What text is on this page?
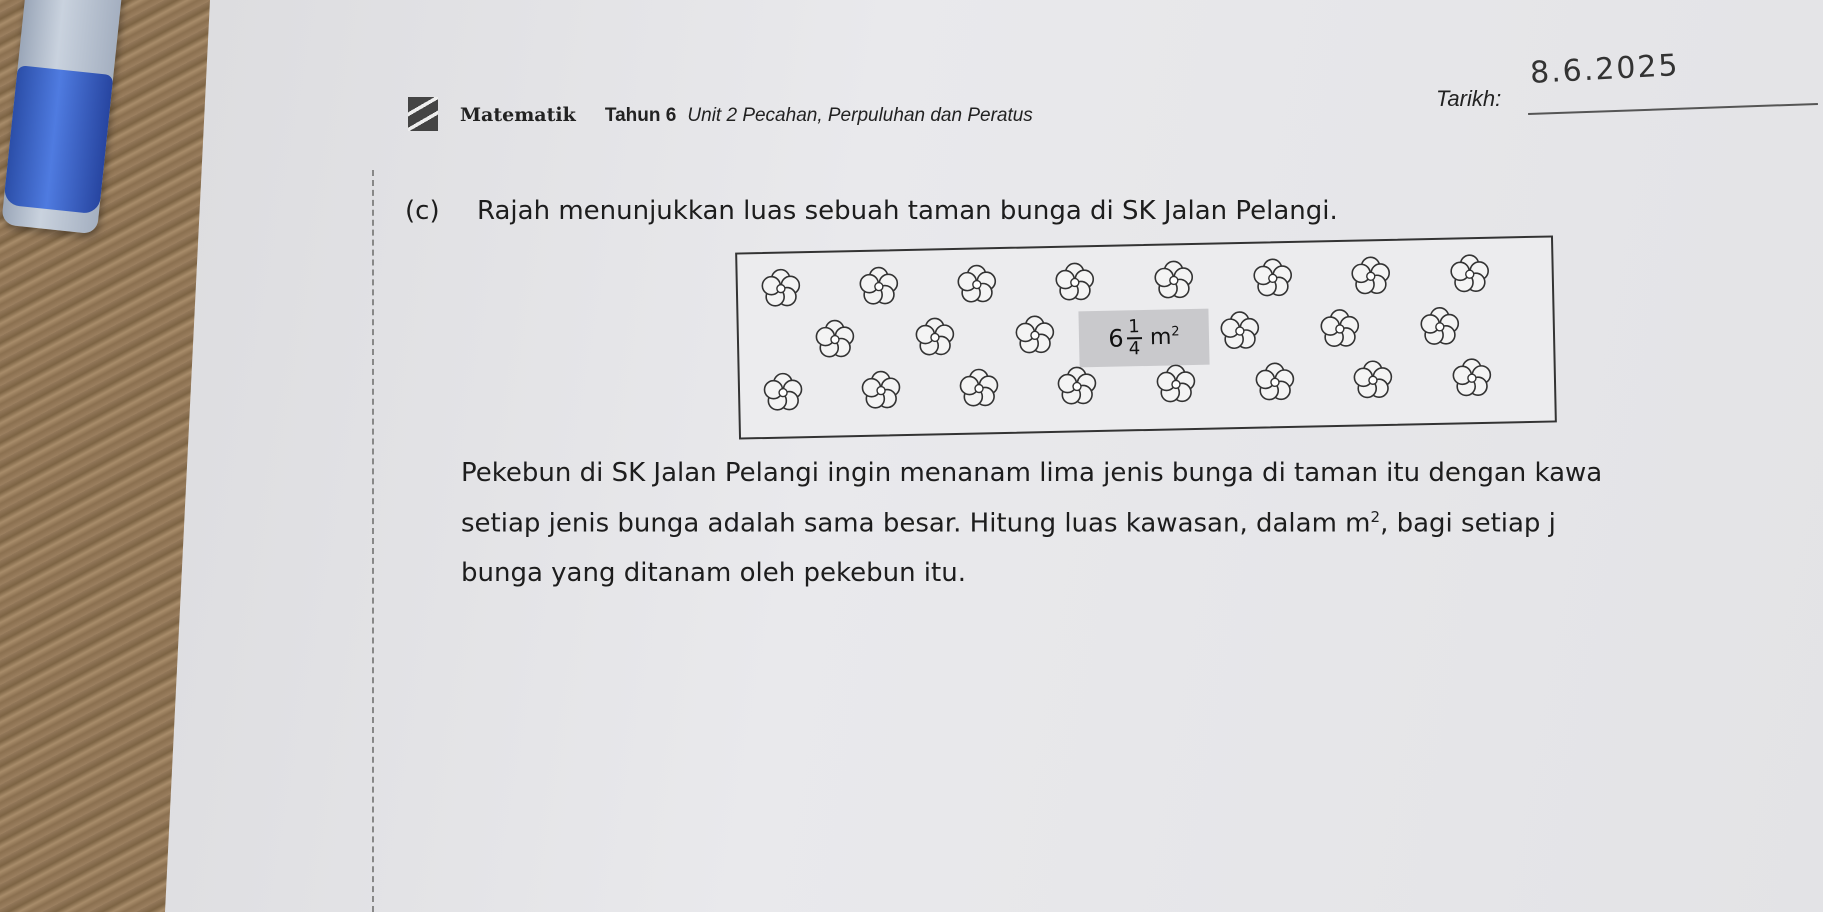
Matematik Tahun 6 Unit 2 Pecahan, Perpuluhan dan Peratus
Tarikh:
8.6.2025
(c) Rajah menunjukkan luas sebuah taman bunga di SK Jalan Pelangi.
$6 \frac{1}{4} m^2$
Pekebun di SK Jalan Pelangi ingin menanam lima jenis bunga di taman itu dengan kawa
setiap jenis bunga adalah sama besar. Hitung luas kawasan, dalam $m^2$, bagi setiap j
bunga yang ditanam oleh pekebun itu.
